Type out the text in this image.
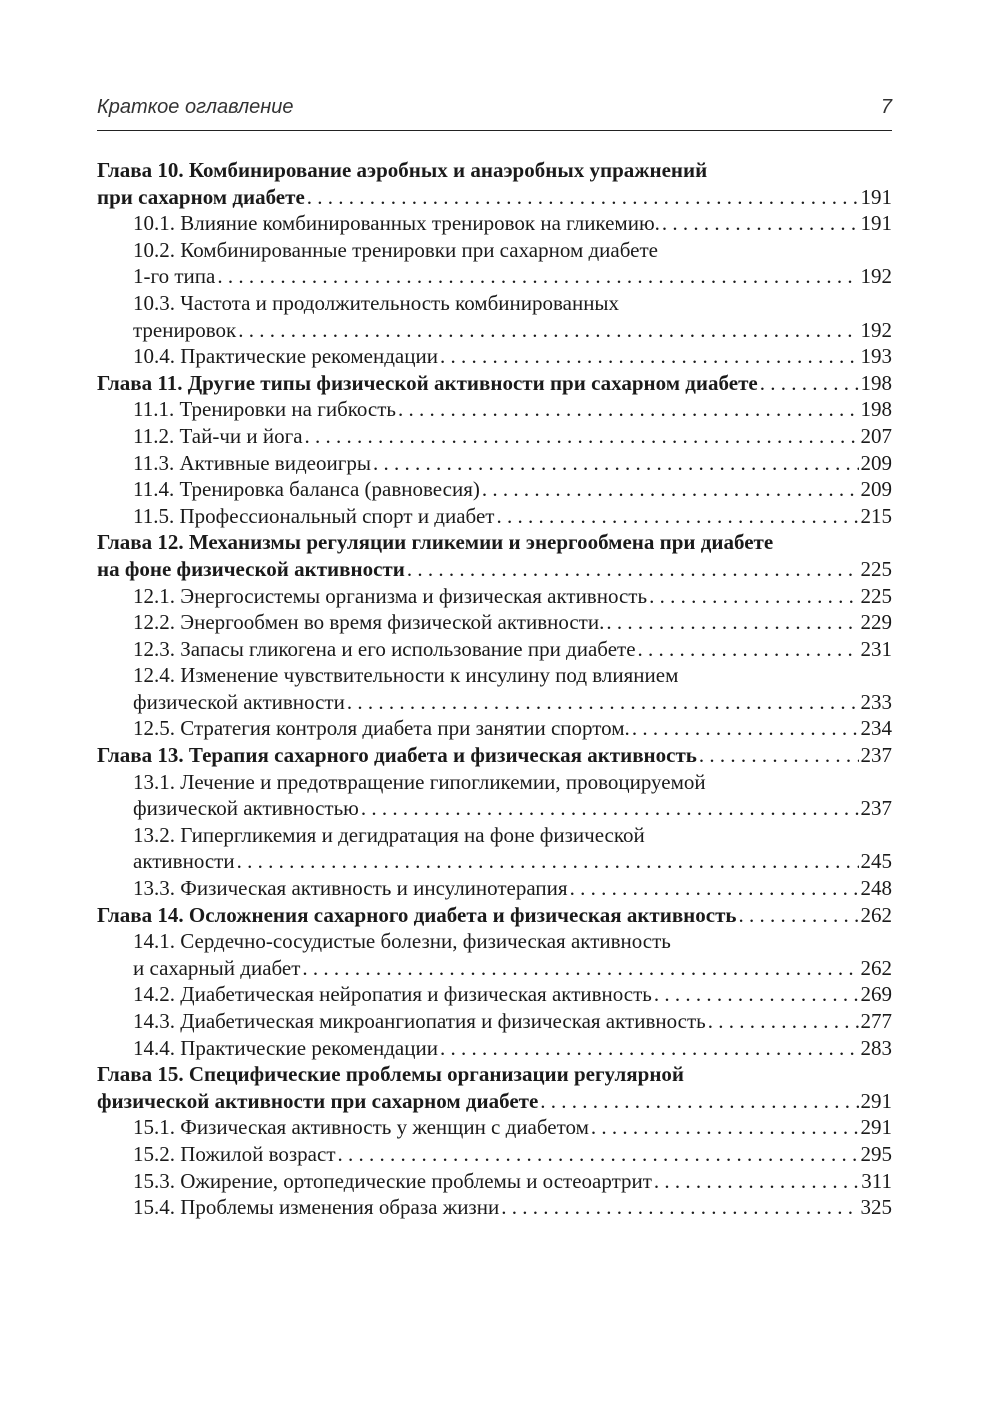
Краткое оглавление	7
Глава 10. Комбинирование аэробных и анаэробных упражнений
при сахарном диабете . . .	191
10.1. Влияние комбинированных тренировок на гликемию. . . .	191
10.2. Комбинированные тренировки при сахарном диабете
1-го типа . . .	192
10.3. Частота и продолжительность комбинированных
тренировок . . .	192
10.4. Практические рекомендации . . .	193
Глава 11. Другие типы физической активности при сахарном диабете . . .	198
11.1. Тренировки на гибкость . . .	198
11.2. Тай-чи и йога . . .	207
11.3. Активные видеоигры . . .	209
11.4. Тренировка баланса (равновесия) . . .	209
11.5. Профессиональный спорт и диабет . . .	215
Глава 12. Механизмы регуляции гликемии и энергообмена при диабете
на фоне физической активности . . .	225
12.1. Энергосистемы организма и физическая активность . . .	225
12.2. Энергообмен во время физической активности. . . .	229
12.3. Запасы гликогена и его использование при диабете . . .	231
12.4. Изменение чувствительности к инсулину под влиянием
физической активности . . .	233
12.5. Стратегия контроля диабета при занятии спортом. . . .	234
Глава 13. Терапия сахарного диабета и физическая активность . . .	237
13.1. Лечение и предотвращение гипогликемии, провоцируемой
физической активностью . . .	237
13.2. Гипергликемия и дегидратация на фоне физической
активности . . .	245
13.3. Физическая активность и инсулинотерапия . . .	248
Глава 14. Осложнения сахарного диабета и физическая активность . . .	262
14.1. Сердечно-сосудистые болезни, физическая активность
и сахарный диабет . . .	262
14.2. Диабетическая нейропатия и физическая активность . . .	269
14.3. Диабетическая микроангиопатия и физическая активность . . .	277
14.4. Практические рекомендации . . .	283
Глава 15. Специфические проблемы организации регулярной
физической активности при сахарном диабете . . .	291
15.1. Физическая активность у женщин с диабетом . . .	291
15.2. Пожилой возраст . . .	295
15.3. Ожирение, ортопедические проблемы и остеоартрит . . .	311
15.4. Проблемы изменения образа жизни . . .	325
